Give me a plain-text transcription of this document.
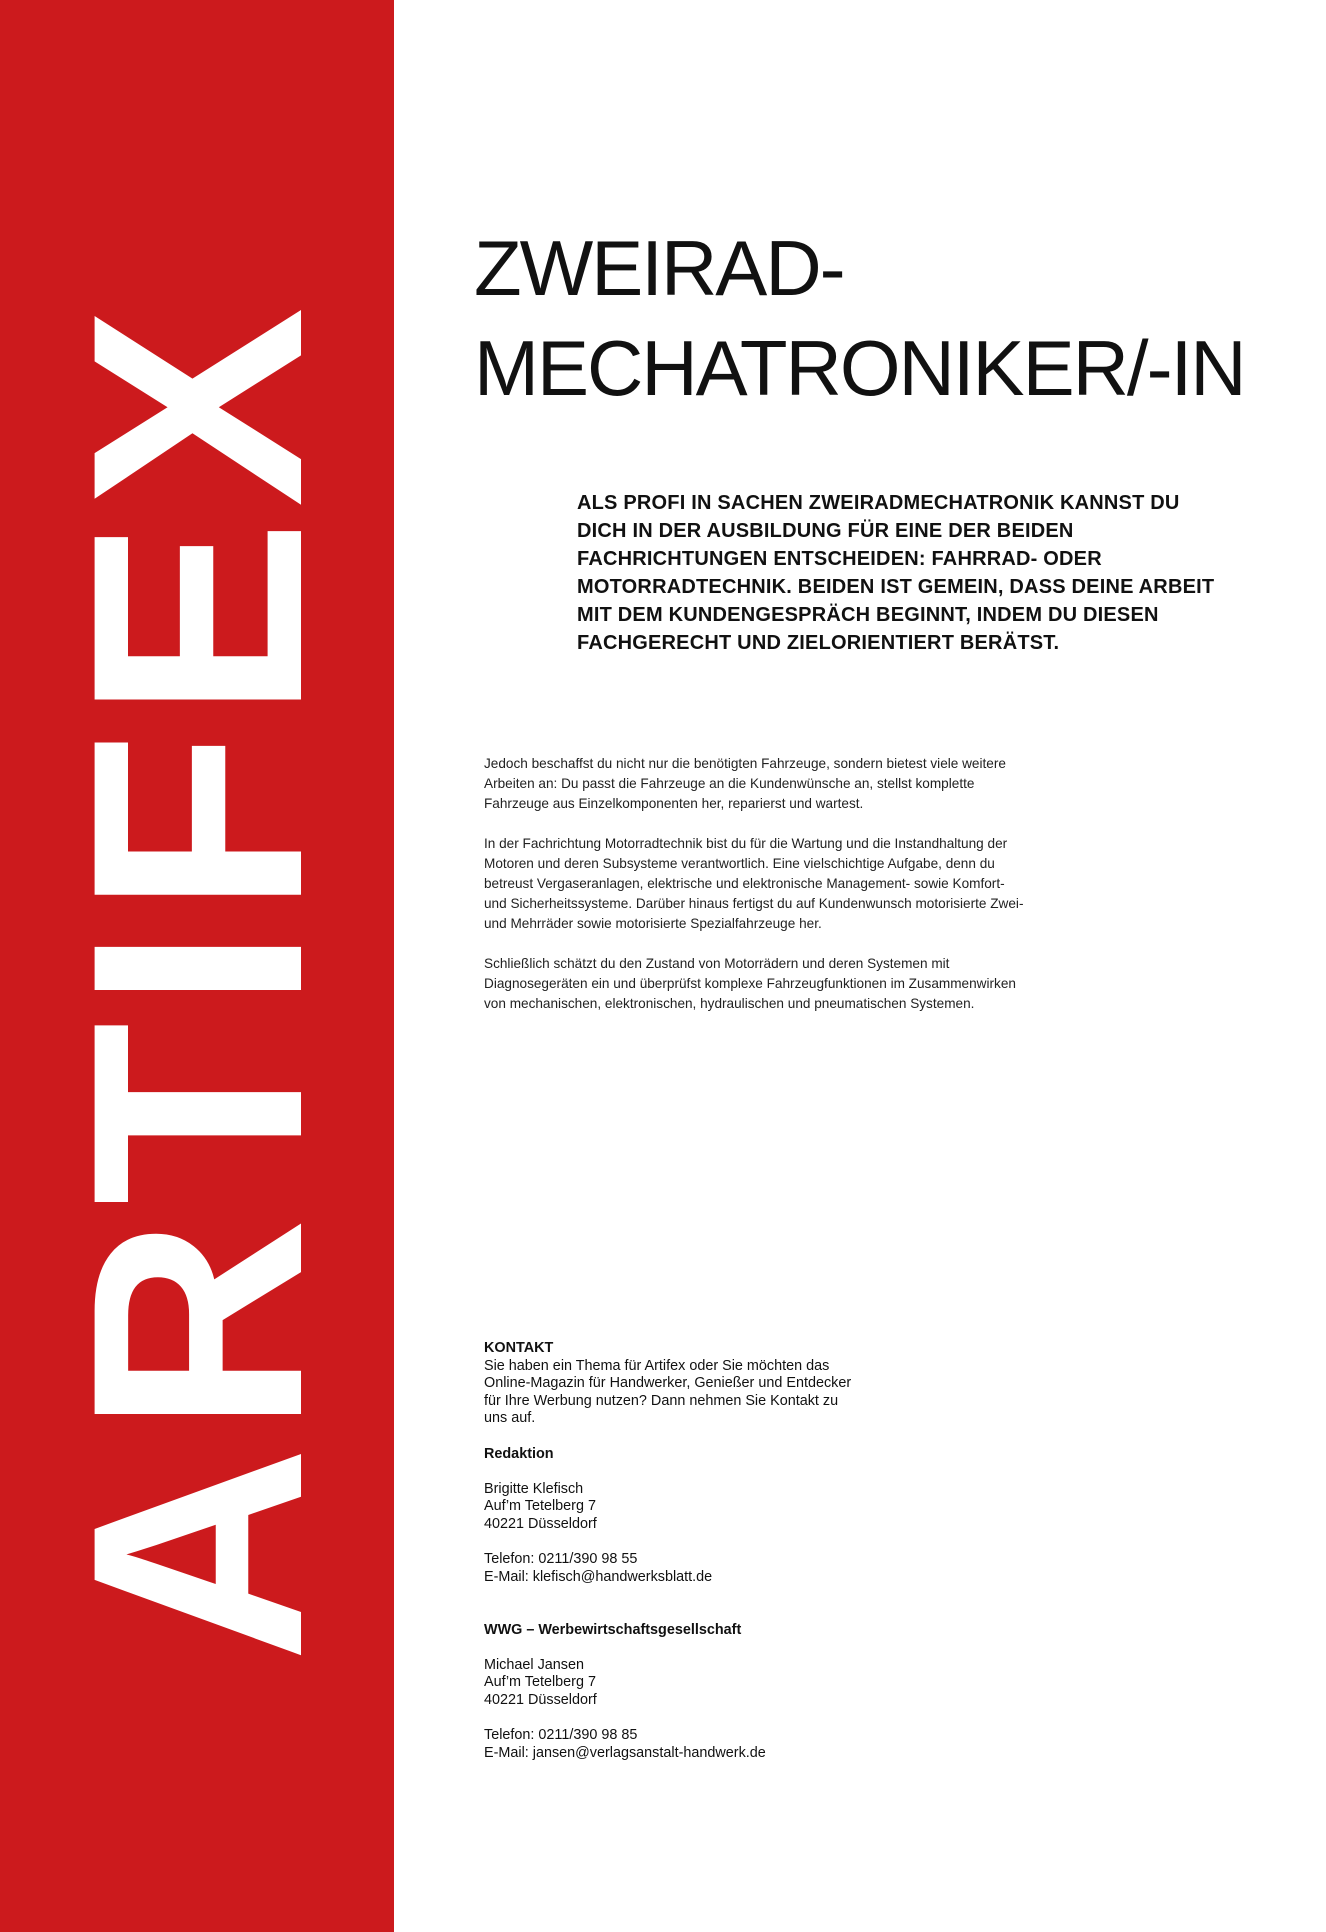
ARTIFEX
ZWEIRAD-
MECHATRONIKER/-IN

ALS PROFI IN SACHEN ZWEIRADMECHATRONIK KANNST DU DICH IN DER AUSBILDUNG FÜR EINE DER BEIDEN FACHRICHTUNGEN ENTSCHEIDEN: FAHRRAD- ODER MOTORRADTECHNIK. BEIDEN IST GEMEIN, DASS DEINE ARBEIT MIT DEM KUNDENGESPRÄCH BEGINNT, INDEM DU DIESEN FACHGERECHT UND ZIELORIENTIERT BERÄTST.

Jedoch beschaffst du nicht nur die benötigten Fahrzeuge, sondern bietest viele weitere Arbeiten an: Du passt die Fahrzeuge an die Kundenwünsche an, stellst komplette Fahrzeuge aus Einzelkomponenten her, reparierst und wartest.

In der Fachrichtung Motorradtechnik bist du für die Wartung und die Instandhaltung der Motoren und deren Subsysteme verantwortlich. Eine vielschichtige Aufgabe, denn du betreust Vergaseranlagen, elektrische und elektronische Management- sowie Komfort- und Sicherheitssysteme. Darüber hinaus fertigst du auf Kundenwunsch motorisierte Zwei- und Mehrräder sowie motorisierte Spezialfahrzeuge her.

Schließlich schätzt du den Zustand von Motorrädern und deren Systemen mit Diagnosegeräten ein und überprüfst komplexe Fahrzeugfunktionen im Zusammenwirken von mechanischen, elektronischen, hydraulischen und pneumatischen Systemen.

KONTAKT

Sie haben ein Thema für Artifex oder Sie möchten das Online-Magazin für Handwerker, Genießer und Entdecker für Ihre Werbung nutzen? Dann nehmen Sie Kontakt zu uns auf.

Redaktion

Brigitte Klefisch

Auf’m Tetelberg 7

40221 Düsseldorf

Telefon: 0211/390 98 55

E-Mail: klefisch@handwerksblatt.de

WWG – Werbewirtschaftsgesellschaft

Michael Jansen

Auf’m Tetelberg 7

40221 Düsseldorf

Telefon: 0211/390 98 85

E-Mail: jansen@verlagsanstalt-handwerk.de
